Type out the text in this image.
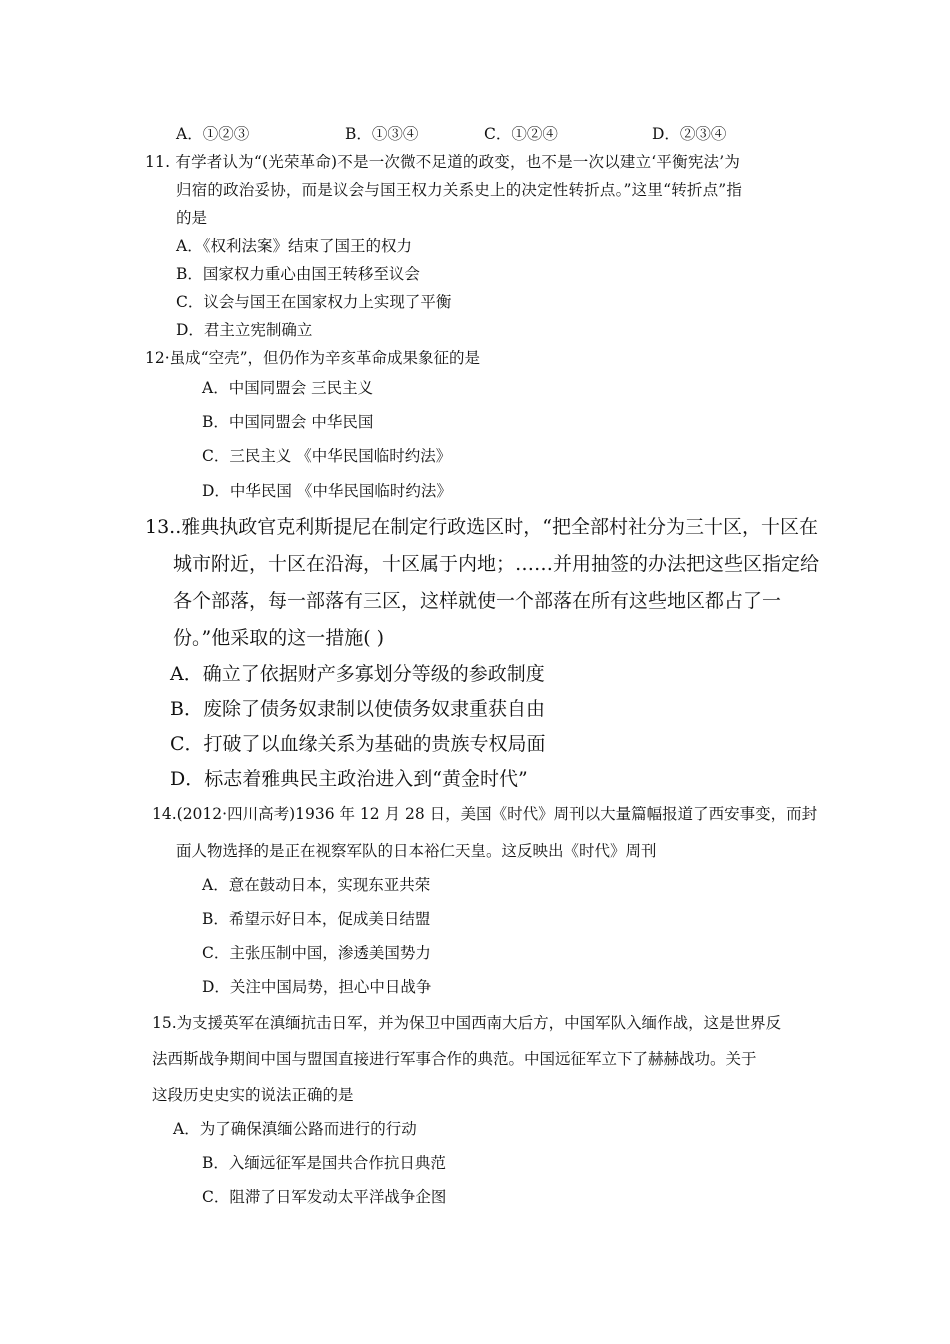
A．①②③	B．①③④	C．①②④	D．②③④
11. 有学者认为“(光荣革命)不是一次微不足道的政变，也不是一次以建立‘平衡宪法’为
归宿的政治妥协，而是议会与国王权力关系史上的决定性转折点。”这里“转折点”指
的是
A．《权利法案》结束了国王的权力
B．国家权力重心由国王转移至议会
C．议会与国王在国家权力上实现了平衡
D．君主立宪制确立
12·虽成“空壳”，但仍作为辛亥革命成果象征的是
A．中国同盟会 三民主义
B．中国同盟会 中华民国
C．三民主义 《中华民国临时约法》
D．中华民国 《中华民国临时约法》
13..雅典执政官克利斯提尼在制定行政选区时，“把全部村社分为三十区，十区在
城市附近，十区在沿海，十区属于内地；……并用抽签的办法把这些区指定给
各个部落，每一部落有三区，这样就使一个部落在所有这些地区都占了一
份。”他采取的这一措施( )
A．确立了依据财产多寡划分等级的参政制度
B．废除了债务奴隶制以使债务奴隶重获自由
C．打破了以血缘关系为基础的贵族专权局面
D．标志着雅典民主政治进入到“黄金时代”
14.(2012·四川高考)1936 年 12 月 28 日，美国《时代》周刊以大量篇幅报道了西安事变，而封
面人物选择的是正在视察军队的日本裕仁天皇。这反映出《时代》周刊
A．意在鼓动日本，实现东亚共荣
B．希望示好日本，促成美日结盟
C．主张压制中国，渗透美国势力
D．关注中国局势，担心中日战争
15.为支援英军在滇缅抗击日军，并为保卫中国西南大后方，中国军队入缅作战，这是世界反
法西斯战争期间中国与盟国直接进行军事合作的典范。中国远征军立下了赫赫战功。关于
这段历史史实的说法正确的是
A．为了确保滇缅公路而进行的行动
B．入缅远征军是国共合作抗日典范
C．阻滞了日军发动太平洋战争企图
